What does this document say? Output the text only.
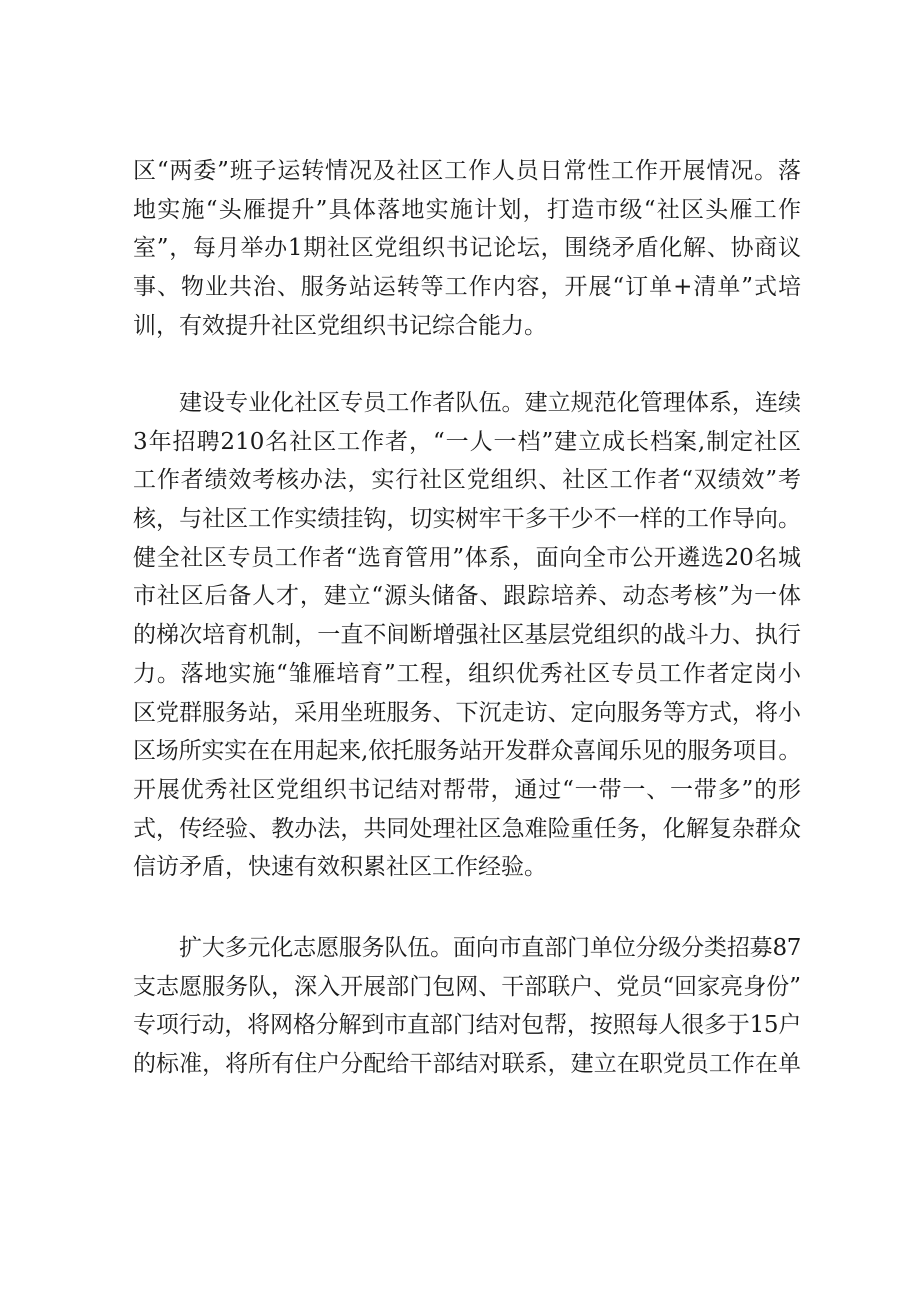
区“两委”班子运转情况及社区工作人员日常性工作开展情况。落
地实施“头雁提升”具体落地实施计划，打造市级“社区头雁工作
室”，每月举办1期社区党组织书记论坛，围绕矛盾化解、协商议
事、物业共治、服务站运转等工作内容，开展“订单+清单”式培
训，有效提升社区党组织书记综合能力。
建设专业化社区专员工作者队伍。建立规范化管理体系，连续
3年招聘210名社区工作者，“一人一档”建立成长档案,制定社区
工作者绩效考核办法，实行社区党组织、社区工作者“双绩效”考
核，与社区工作实绩挂钩，切实树牢干多干少不一样的工作导向。
健全社区专员工作者“选育管用”体系，面向全市公开遴选20名城
市社区后备人才，建立“源头储备、跟踪培养、动态考核”为一体
的梯次培育机制，一直不间断增强社区基层党组织的战斗力、执行
力。落地实施“雏雁培育”工程，组织优秀社区专员工作者定岗小
区党群服务站，采用坐班服务、下沉走访、定向服务等方式，将小
区场所实实在在用起来,依托服务站开发群众喜闻乐见的服务项目。
开展优秀社区党组织书记结对帮带，通过“一带一、一带多”的形
式，传经验、教办法，共同处理社区急难险重任务，化解复杂群众
信访矛盾，快速有效积累社区工作经验。
扩大多元化志愿服务队伍。面向市直部门单位分级分类招募87
支志愿服务队，深入开展部门包网、干部联户、党员“回家亮身份”
专项行动，将网格分解到市直部门结对包帮，按照每人很多于15户
的标准，将所有住户分配给干部结对联系，建立在职党员工作在单
